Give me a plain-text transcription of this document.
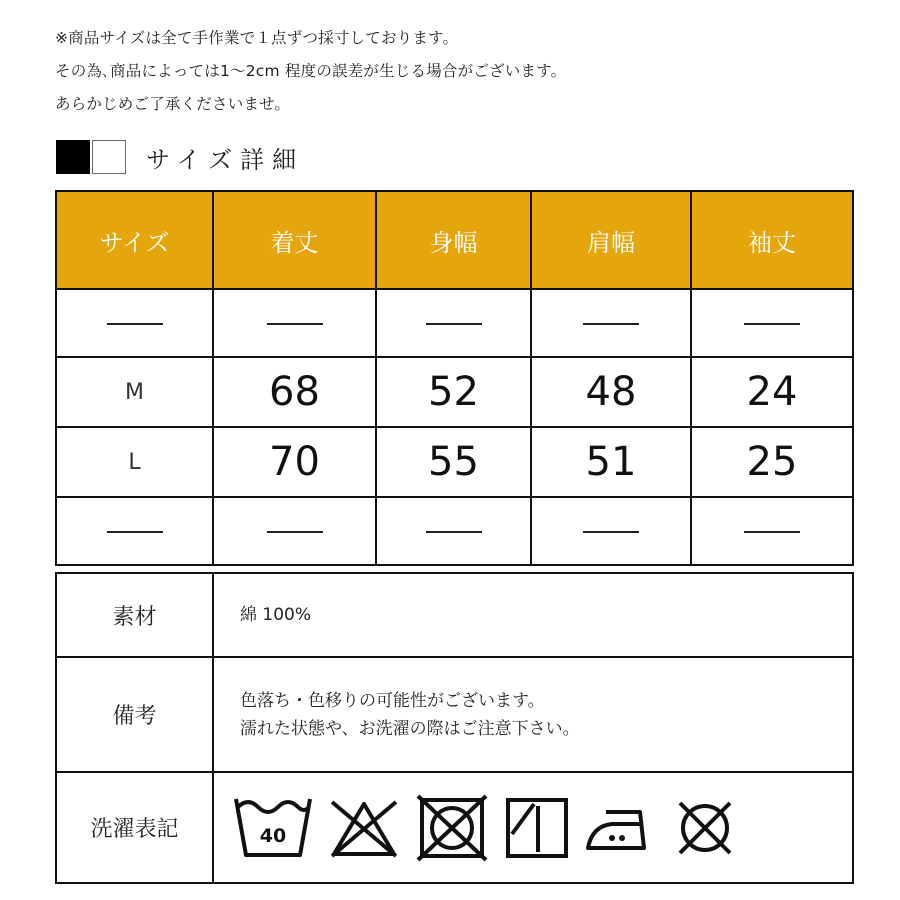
※商品サイズは全て手作業で１点ずつ採寸しております。
その為､商品によっては1〜2cm 程度の誤差が生じる場合がございます。
あらかじめご了承くださいませ。
サイズ詳細
サイズ	着丈	身幅	肩幅	袖丈

M	68	52	48	24
L	70	55	51	25

素材	綿 100%
備考	色落ち・色移りの可能性がございます。
濡れた状態や、お洗濯の際はご注意下さい。

洗濯表記	40
